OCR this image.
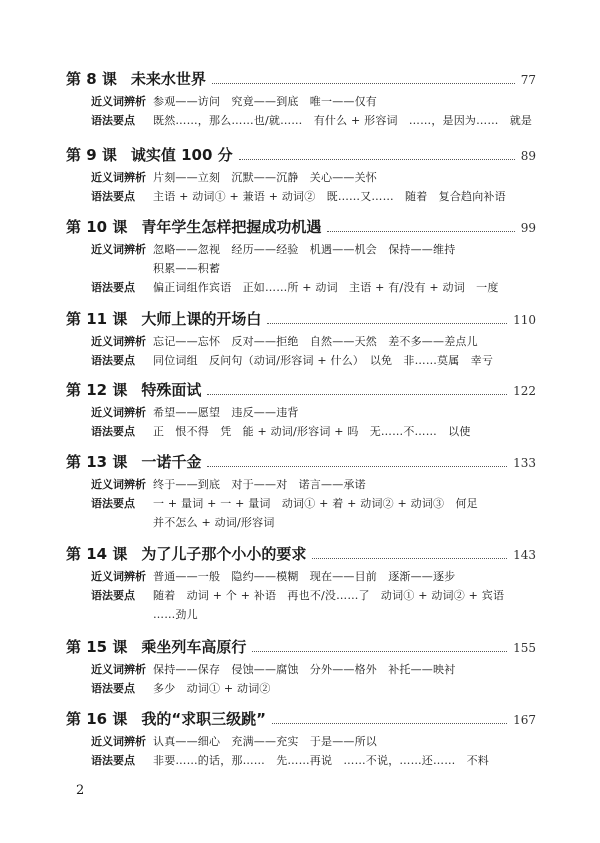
第 8 课 未来水世界	77
近义词辨析 参观——访问　究竟——到底　唯一——仅有
语法要点	既然……，那么……也/就……　有什么 + 形容词　……，是因为……　就是
第 9 课 诚实值 100 分	89
近义词辨析 片刻——立刻　沉默——沉静　关心——关怀
语法要点	主语 + 动词① + 兼语 + 动词②　既……又……　随着　复合趋向补语
第 10 课 青年学生怎样把握成功机遇	99
近义词辨析 忽略——忽视　经历——经验　机遇——机会　保持——维持
积累——积蓄
语法要点	偏正词组作宾语　正如……所 + 动词　主语 + 有/没有 + 动词　一度
第 11 课 大师上课的开场白	110
近义词辨析 忘记——忘怀　反对——拒绝　自然——天然　差不多——差点儿
语法要点	同位词组　反问句（动词/形容词 + 什么）　以免　非……莫属　幸亏
第 12 课 特殊面试	122
近义词辨析 希望——愿望　违反——违背
语法要点	正　恨不得　凭　能 + 动词/形容词 + 吗　无……不……　以使
第 13 课 一诺千金	133
近义词辨析 终于——到底　对于——对　诺言——承诺
语法要点	一 + 量词 + 一 + 量词　动词① + 着 + 动词② + 动词③　何足
并不怎么 + 动词/形容词
第 14 课 为了儿子那个小小的要求	143
近义词辨析 普通——一般　隐约——模糊　现在——目前　逐渐——逐步
语法要点	随着　动词 + 个 + 补语　再也不/没……了　动词① + 动词② + 宾语
……劲儿
第 15 课 乘坐列车高原行	155
近义词辨析 保持——保存　侵蚀——腐蚀　分外——格外　补托——映衬
语法要点	多少　动词① + 动词②
第 16 课 我的“求职三级跳”	167
近义词辨析 认真——细心　充满——充实　于是——所以
语法要点	非要……的话，那……　先……再说　……不说，……还……　不料
2
